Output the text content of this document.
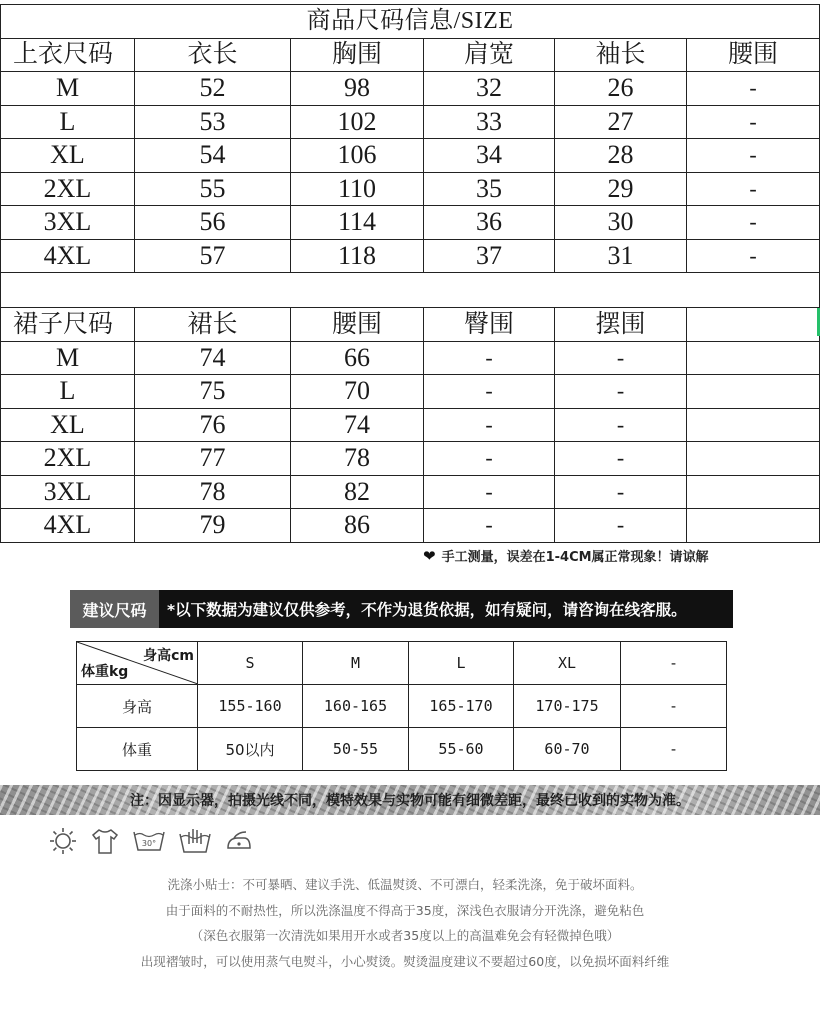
商品尺码信息/SIZE					
上衣尺码	衣长	胸围	肩宽	袖长	腰围
M	52	98	32	26	-
L	53	102	33	27	-
XL	54	106	34	28	-
2XL	55	110	35	29	-
3XL	56	114	36	30	-
4XL	57	118	37	31	-

裙子尺码	裙长	腰围	臀围	摆围	
M	74	66	-	-	
L	75	70	-	-	
XL	76	74	-	-	
2XL	77	78	-	-	
3XL	78	82	-	-	
4XL	79	86	-	-	
❤ 手工测量，误差在1-4CM属正常现象！请谅解
建议尺码	*以下数据为建议仅供参考，不作为退货依据，如有疑问，请咨询在线客服。
身高cm
体重kg	S	M	L	XL	-
身高	155-160	160-165	165-170	170-175	-
体重	50以内	50-55	55-60	60-70	-
注：因显示器，拍摄光线不同，模特效果与实物可能有细微差距，最终已收到的实物为准。
30°
洗涤小贴士：不可暴晒、建议手洗、低温熨烫、不可漂白，轻柔洗涤，免于破坏面料。
由于面料的不耐热性，所以洗涤温度不得高于35度，深浅色衣服请分开洗涤，避免粘色
（深色衣服第一次清洗如果用开水或者35度以上的高温难免会有轻微掉色哦）
出现褶皱时，可以使用蒸气电熨斗，小心熨烫。熨烫温度建议不要超过60度，以免损坏面料纤维
